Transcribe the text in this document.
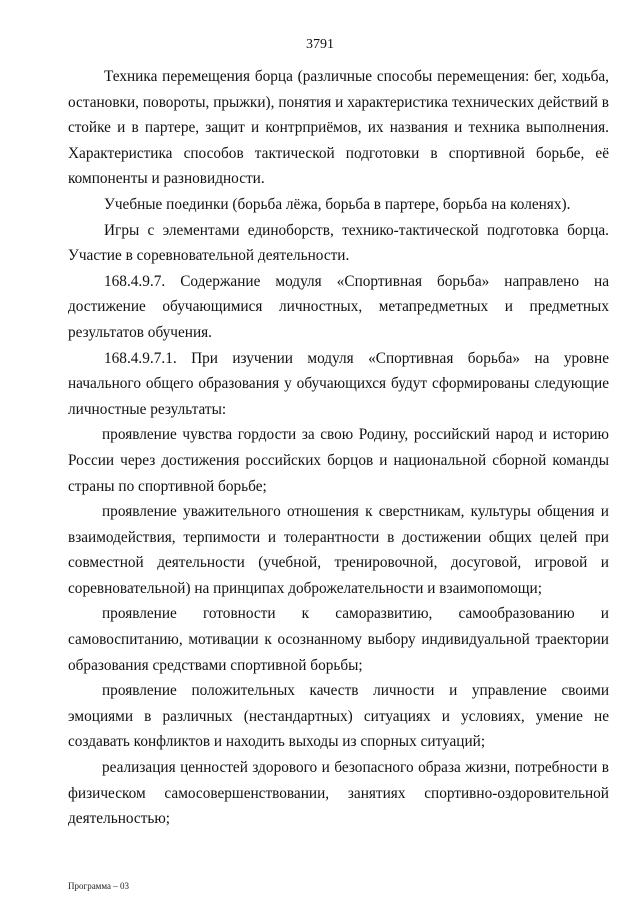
3791

Техника перемещения борца (различные способы перемещения: бег, ходьба, остановки, повороты, прыжки), понятия и характеристика технических действий в стойке и в партере, защит и контрприёмов, их названия и техника выполнения. Характеристика способов тактической подготовки в спортивной борьбе, её компоненты и разновидности.

Учебные поединки (борьба лёжа, борьба в партере, борьба на коленях).

Игры с элементами единоборств, технико-тактической подготовка борца. Участие в соревновательной деятельности.

168.4.9.7. Содержание модуля «Спортивная борьба» направлено на достижение обучающимися личностных, метапредметных и предметных результатов обучения.

168.4.9.7.1. При изучении модуля «Спортивная борьба» на уровне начального общего образования у обучающихся будут сформированы следующие личностные результаты:

проявление чувства гордости за свою Родину, российский народ и историю России через достижения российских борцов и национальной сборной команды страны по спортивной борьбе;

проявление уважительного отношения к сверстникам, культуры общения и взаимодействия, терпимости и толерантности в достижении общих целей при совместной деятельности (учебной, тренировочной, досуговой, игровой и соревновательной) на принципах доброжелательности и взаимопомощи;

проявление готовности к саморазвитию, самообразованию и самовоспитанию, мотивации к осознанному выбору индивидуальной траектории образования средствами спортивной борьбы;

проявление положительных качеств личности и управление своими эмоциями в различных (нестандартных) ситуациях и условиях, умение не создавать конфликтов и находить выходы из спорных ситуаций;

реализация ценностей здорового и безопасного образа жизни, потребности в физическом самосовершенствовании, занятиях спортивно-оздоровительной деятельностью;

Программа – 03
